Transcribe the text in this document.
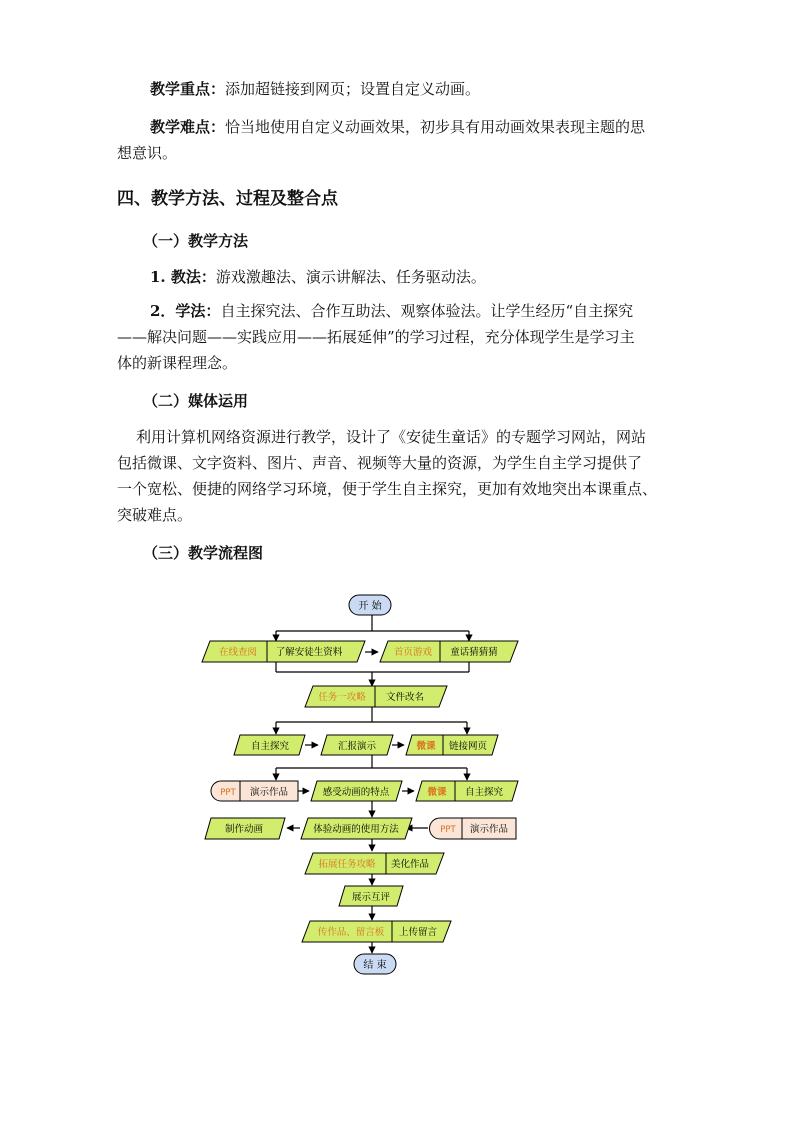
教学重点：添加超链接到网页；设置自定义动画。
教学难点：恰当地使用自定义动画效果，初步具有用动画效果表现主题的思
想意识。
四、教学方法、过程及整合点
（一）教学方法
1. 教法：游戏激趣法、演示讲解法、任务驱动法。
2．学法：自主探究法、合作互助法、观察体验法。让学生经历“自主探究
——解决问题——实践应用——拓展延伸”的学习过程，充分体现学生是学习主
体的新课程理念。
（二）媒体运用
利用计算机网络资源进行教学，设计了《安徒生童话》的专题学习网站，网站
包括微课、文字资料、图片、声音、视频等大量的资源，为学生自主学习提供了
一个宽松、便捷的网络学习环境，便于学生自主探究，更加有效地突出本课重点、
突破难点。
（三）教学流程图
开 始
在线查阅 了解安徒生资料	首页游戏 童话猜猜猜
任务一攻略 文件改名
自主探究	汇报演示	微课 链接网页
PPT 演示作品	感受动画的特点	微课 自主探究
制作动画	体验动画的使用方法	PPT 演示作品
拓展任务攻略 美化作品
展示互评
传作品、留言板 上传留言
结 束
